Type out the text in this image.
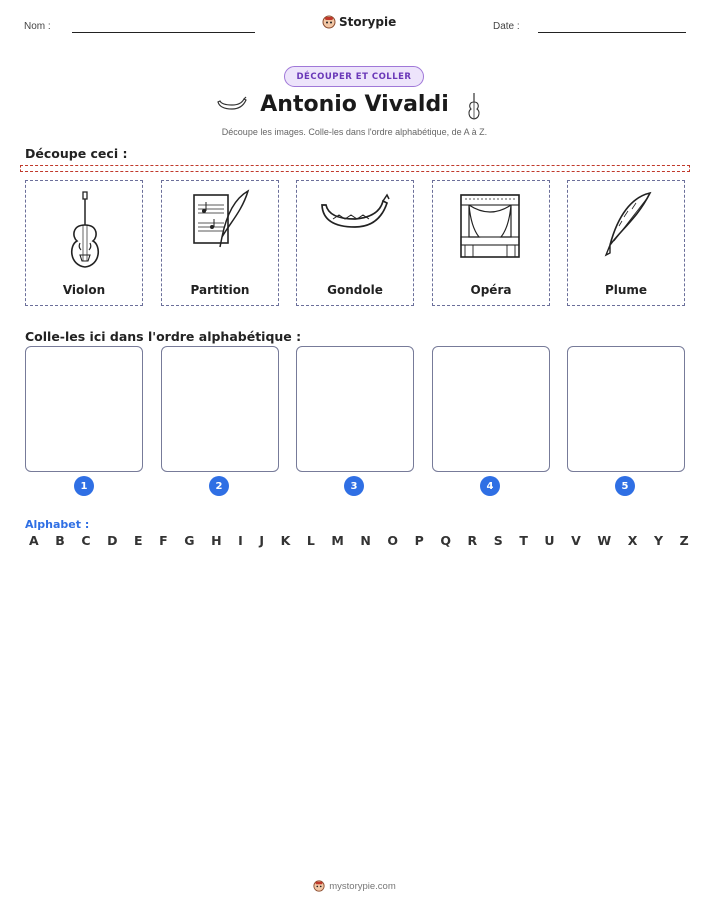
Nom :	Storypie	Date :
DÉCOUPER ET COLLER
Antonio Vivaldi
Découpe les images. Colle-les dans l'ordre alphabétique, de A à Z.
Découpe ceci :
Violon	Partition	Gondole	Opéra	Plume
Colle-les ici dans l'ordre alphabétique :
1	2	3	4	5
Alphabet :
A B C D E F G H I J K L M N O P Q R S T U V W X Y Z
mystorypie.com
